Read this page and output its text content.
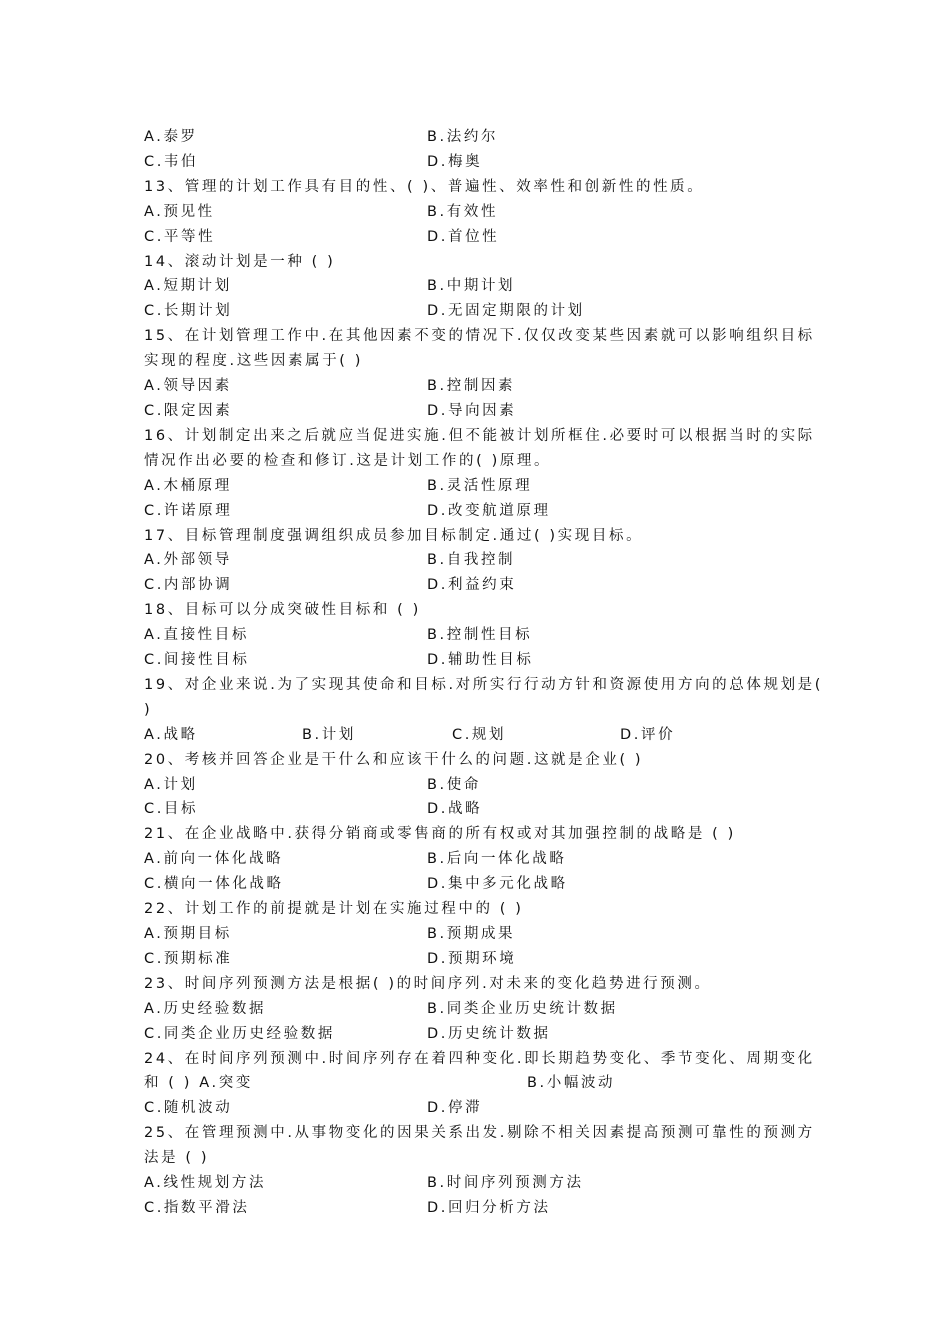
A.泰罗	B.法约尔
C.韦伯	D.梅奥
13、管理的计划工作具有目的性、( )、普遍性、效率性和创新性的性质。
A.预见性	B.有效性
C.平等性	D.首位性
14、滚动计划是一种 ( )
A.短期计划	B.中期计划
C.长期计划	D.无固定期限的计划
15、在计划管理工作中.在其他因素不变的情况下.仅仅改变某些因素就可以影响组织目标
实现的程度.这些因素属于( )
A.领导因素	B.控制因素
C.限定因素	D.导向因素
16、计划制定出来之后就应当促进实施.但不能被计划所框住.必要时可以根据当时的实际
情况作出必要的检查和修订.这是计划工作的( )原理。
A.木桶原理	B.灵活性原理
C.许诺原理	D.改变航道原理
17、目标管理制度强调组织成员参加目标制定.通过( )实现目标。
A.外部领导	B.自我控制
C.内部协调	D.利益约束
18、目标可以分成突破性目标和 ( )
A.直接性目标	B.控制性目标
C.间接性目标	D.辅助性目标
19、对企业来说.为了实现其使命和目标.对所实行行动方针和资源使用方向的总体规划是(
)
A.战略	B.计划	C.规划	D.评价
20、考核并回答企业是干什么和应该干什么的问题.这就是企业( )
A.计划	B.使命
C.目标	D.战略
21、在企业战略中.获得分销商或零售商的所有权或对其加强控制的战略是 ( )
A.前向一体化战略	B.后向一体化战略
C.横向一体化战略	D.集中多元化战略
22、计划工作的前提就是计划在实施过程中的 ( )
A.预期目标	B.预期成果
C.预期标准	D.预期环境
23、时间序列预测方法是根据( )的时间序列.对未来的变化趋势进行预测。
A.历史经验数据	B.同类企业历史统计数据
C.同类企业历史经验数据	D.历史统计数据
24、在时间序列预测中.时间序列存在着四种变化.即长期趋势变化、季节变化、周期变化
和 ( ) A.突变	B.小幅波动
C.随机波动	D.停滞
25、在管理预测中.从事物变化的因果关系出发.剔除不相关因素提高预测可靠性的预测方
法是 ( )
A.线性规划方法	B.时间序列预测方法
C.指数平滑法	D.回归分析方法
